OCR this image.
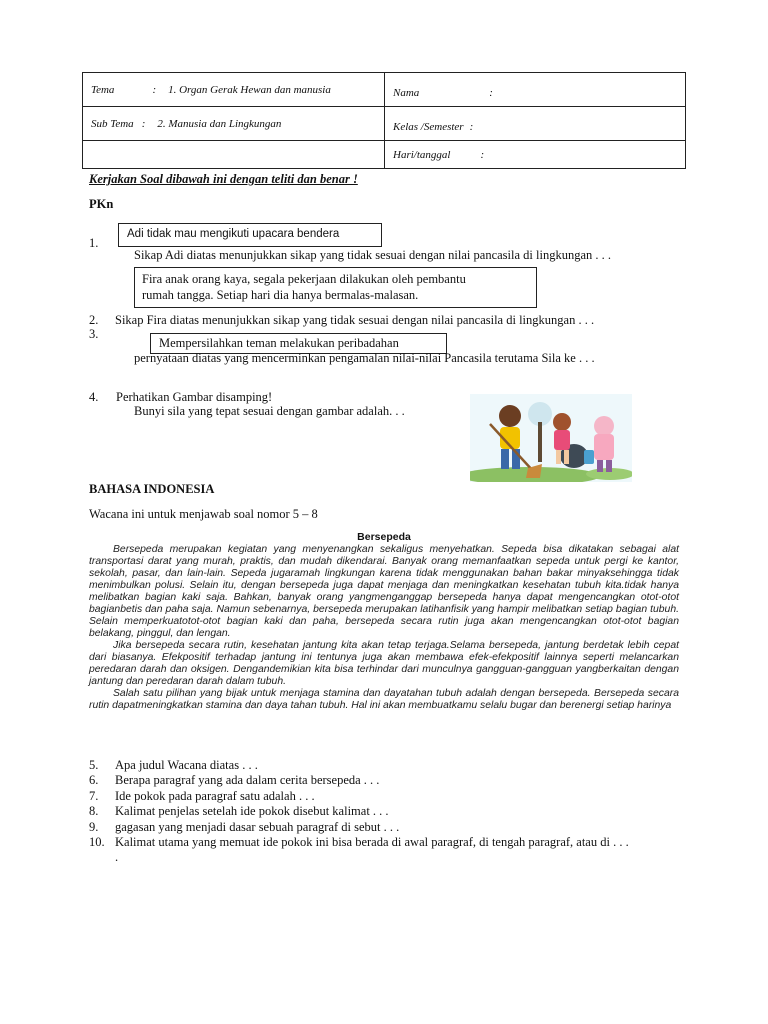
Tema : 1. Organ Gerak Hewan dan manusia	Nama :
Sub Tema : 2. Manusia dan Lingkungan	Kelas /Semester :
	Hari/tanggal :
Kerjakan Soal dibawah ini dengan teliti dan benar !
PKn
1.
Adi tidak mau mengikuti upacara bendera
Sikap Adi diatas menunjukkan sikap yang tidak sesuai dengan nilai pancasila di lingkungan . . .
Fira anak orang kaya, segala pekerjaan dilakukan oleh pembantu
rumah tangga. Setiap hari dia hanya bermalas-malasan.
2. Sikap Fira diatas menunjukkan sikap yang tidak sesuai dengan nilai pancasila di lingkungan . . .
3.
Mempersilahkan teman melakukan peribadahan
pernyataan diatas yang mencerminkan pengamalan nilai-nilai Pancasila terutama Sila ke . . .
4. Perhatikan Gambar disamping!
Bunyi sila yang tepat sesuai dengan gambar adalah. . .
BAHASA INDONESIA
Wacana ini untuk menjawab soal nomor 5 – 8
Bersepeda

Bersepeda merupakan kegiatan yang menyenangkan sekaligus menyehatkan. Sepeda bisa dikatakan sebagai alat transportasi darat yang murah, praktis, dan mudah dikendarai. Banyak orang memanfaatkan sepeda untuk pergi ke kantor, sekolah, pasar, dan lain-lain. Sepeda jugaramah lingkungan karena tidak menggunakan bahan bakar minyaksehingga tidak menimbulkan polusi. Selain itu, dengan bersepeda juga dapat menjaga dan meningkatkan kesehatan tubuh kita.tidak hanya melibatkan bagian kaki saja. Bahkan, banyak orang yangmenganggap bersepeda hanya dapat mengencangkan otot-otot bagianbetis dan paha saja. Namun sebenarnya, bersepeda merupakan latihanfisik yang hampir melibatkan setiap bagian tubuh. Selain memperkuatotot-otot bagian kaki dan paha, bersepeda secara rutin juga akan mengencangkan otot-otot bagian belakang, pinggul, dan lengan.

Jika bersepeda secara rutin, kesehatan jantung kita akan tetap terjaga.Selama bersepeda, jantung berdetak lebih cepat dari biasanya. Efekpositif terhadap jantung ini tentunya juga akan membawa efek-efekpositif lainnya seperti melancarkan peredaran darah dan oksigen. Dengandemikian kita bisa terhindar dari munculnya gangguan-gangguan yangberkaitan dengan jantung dan peredaran darah dalam tubuh.

Salah satu pilihan yang bijak untuk menjaga stamina dan dayatahan tubuh adalah dengan bersepeda. Bersepeda secara rutin dapatmeningkatkan stamina dan daya tahan tubuh. Hal ini akan membuatkamu selalu bugar dan berenergi setiap harinya

5.	Apa judul Wacana diatas . . .
6.	Berapa paragraf yang ada dalam cerita bersepeda . . .
7.	Ide pokok pada paragraf satu adalah . . .
8.	Kalimat penjelas setelah ide pokok disebut kalimat . . .
9.	gagasan yang menjadi dasar sebuah paragraf di sebut . . .
10. Kalimat utama yang memuat ide pokok ini bisa berada di awal paragraf, di tengah paragraf, atau di . . .
.
